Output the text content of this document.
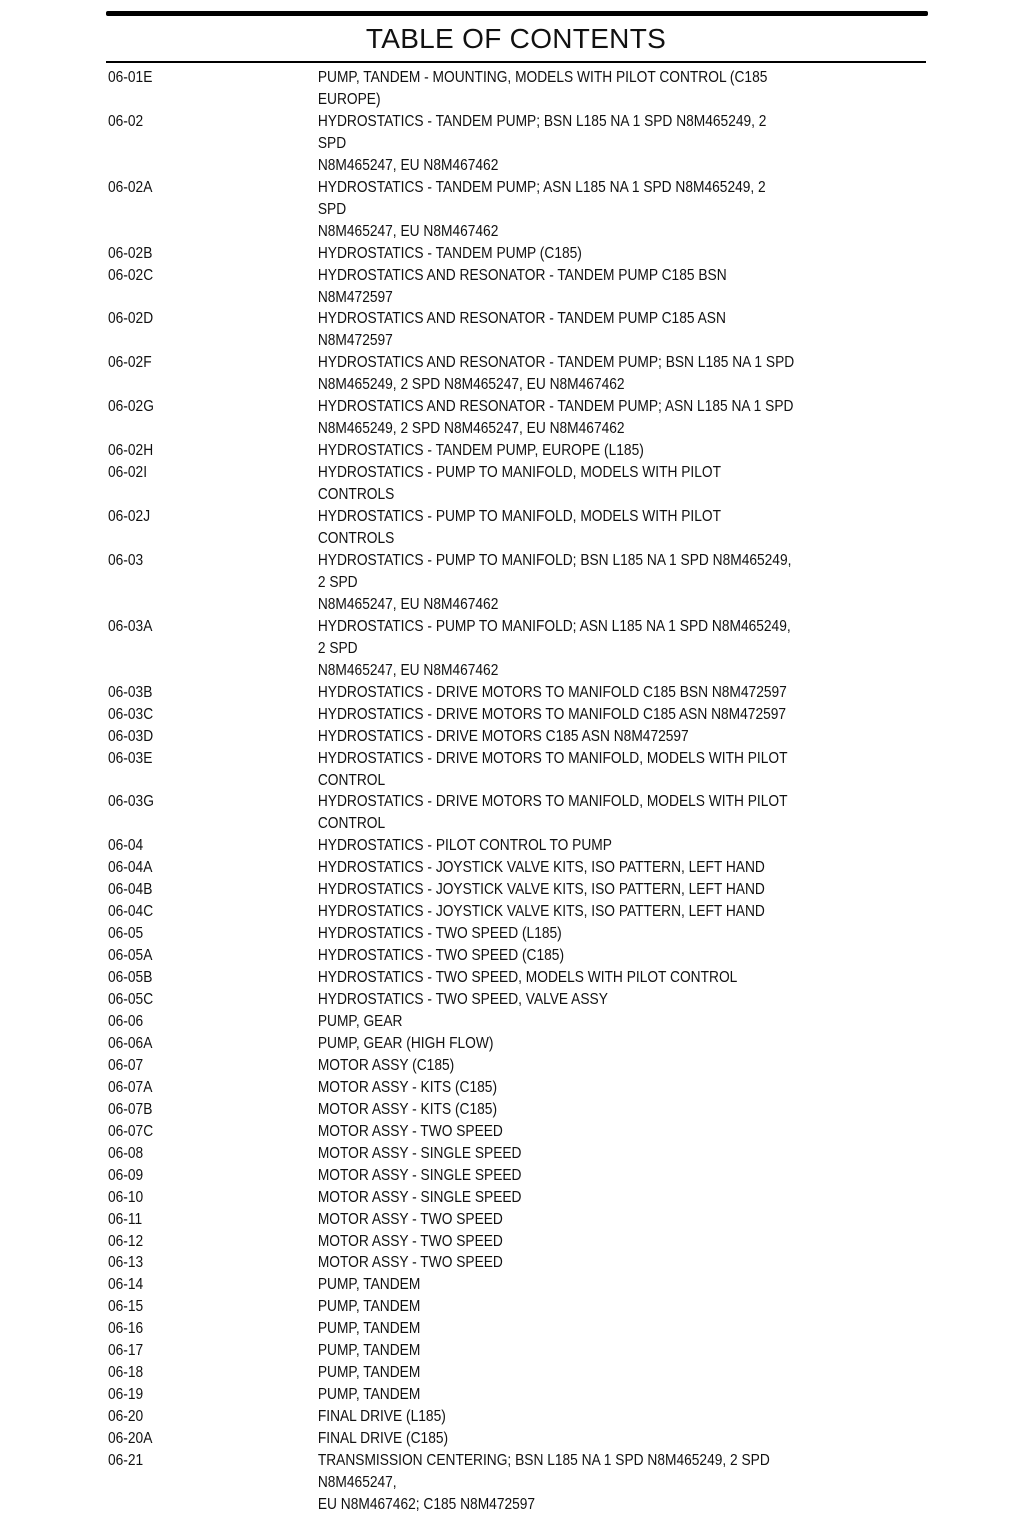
TABLE OF CONTENTS
06-01E	PUMP, TANDEM - MOUNTING, MODELS WITH PILOT CONTROL (C185 EUROPE)
06-02	HYDROSTATICS - TANDEM PUMP; BSN L185 NA 1 SPD N8M465249, 2 SPD
N8M465247, EU N8M467462
06-02A	HYDROSTATICS - TANDEM PUMP; ASN L185 NA 1 SPD N8M465249, 2 SPD
N8M465247, EU N8M467462
06-02B	HYDROSTATICS - TANDEM PUMP (C185)
06-02C	HYDROSTATICS AND RESONATOR - TANDEM PUMP C185 BSN N8M472597
06-02D	HYDROSTATICS AND RESONATOR - TANDEM PUMP C185 ASN N8M472597
06-02F	HYDROSTATICS AND RESONATOR - TANDEM PUMP; BSN L185 NA 1 SPD
N8M465249, 2 SPD N8M465247, EU N8M467462
06-02G	HYDROSTATICS AND RESONATOR - TANDEM PUMP; ASN L185 NA 1 SPD
N8M465249, 2 SPD N8M465247, EU N8M467462
06-02H	HYDROSTATICS - TANDEM PUMP, EUROPE (L185)
06-02I	HYDROSTATICS - PUMP TO MANIFOLD, MODELS WITH PILOT CONTROLS
06-02J	HYDROSTATICS - PUMP TO MANIFOLD, MODELS WITH PILOT CONTROLS
06-03	HYDROSTATICS - PUMP TO MANIFOLD; BSN L185 NA 1 SPD N8M465249, 2 SPD
N8M465247, EU N8M467462
06-03A	HYDROSTATICS - PUMP TO MANIFOLD; ASN L185 NA 1 SPD N8M465249, 2 SPD
N8M465247, EU N8M467462
06-03B	HYDROSTATICS - DRIVE MOTORS TO MANIFOLD C185 BSN N8M472597
06-03C	HYDROSTATICS - DRIVE MOTORS TO MANIFOLD C185 ASN N8M472597
06-03D	HYDROSTATICS - DRIVE MOTORS C185 ASN N8M472597
06-03E	HYDROSTATICS - DRIVE MOTORS TO MANIFOLD, MODELS WITH PILOT CONTROL
06-03G	HYDROSTATICS - DRIVE MOTORS TO MANIFOLD, MODELS WITH PILOT CONTROL
06-04	HYDROSTATICS - PILOT CONTROL TO PUMP
06-04A	HYDROSTATICS - JOYSTICK VALVE KITS, ISO PATTERN, LEFT HAND
06-04B	HYDROSTATICS - JOYSTICK VALVE KITS, ISO PATTERN, LEFT HAND
06-04C	HYDROSTATICS - JOYSTICK VALVE KITS, ISO PATTERN, LEFT HAND
06-05	HYDROSTATICS - TWO SPEED (L185)
06-05A	HYDROSTATICS - TWO SPEED (C185)
06-05B	HYDROSTATICS - TWO SPEED, MODELS WITH PILOT CONTROL
06-05C	HYDROSTATICS - TWO SPEED, VALVE ASSY
06-06	PUMP, GEAR
06-06A	PUMP, GEAR (HIGH FLOW)
06-07	MOTOR ASSY (C185)
06-07A	MOTOR ASSY - KITS (C185)
06-07B	MOTOR ASSY - KITS (C185)
06-07C	MOTOR ASSY - TWO SPEED
06-08	MOTOR ASSY - SINGLE SPEED
06-09	MOTOR ASSY - SINGLE SPEED
06-10	MOTOR ASSY - SINGLE SPEED
06-11	MOTOR ASSY - TWO SPEED
06-12	MOTOR ASSY - TWO SPEED
06-13	MOTOR ASSY - TWO SPEED
06-14	PUMP, TANDEM
06-15	PUMP, TANDEM
06-16	PUMP, TANDEM
06-17	PUMP, TANDEM
06-18	PUMP, TANDEM
06-19	PUMP, TANDEM
06-20	FINAL DRIVE (L185)
06-20A	FINAL DRIVE (C185)
06-21	TRANSMISSION CENTERING; BSN L185 NA 1 SPD N8M465249, 2 SPD N8M465247,
EU N8M467462; C185 N8M472597
